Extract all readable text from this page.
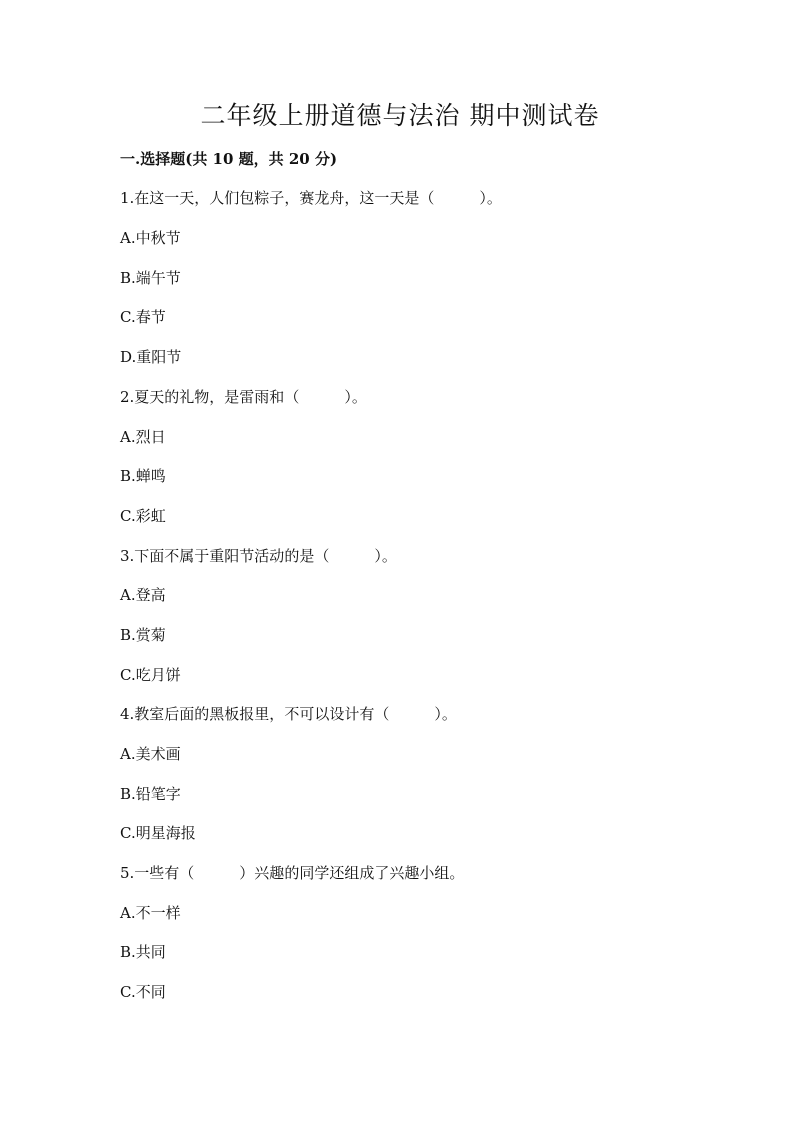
二年级上册道德与法治 期中测试卷
一.选择题(共 10 题，共 20 分)
1.在这一天，人们包粽子，赛龙舟，这一天是（　　　）。
A.中秋节
B.端午节
C.春节
D.重阳节
2.夏天的礼物，是雷雨和（　　　）。
A.烈日
B.蝉鸣
C.彩虹
3.下面不属于重阳节活动的是（　　　）。
A.登高
B.赏菊
C.吃月饼
4.教室后面的黑板报里，不可以设计有（　　　）。
A.美术画
B.铅笔字
C.明星海报
5.一些有（　　　）兴趣的同学还组成了兴趣小组。
A.不一样
B.共同
C.不同
